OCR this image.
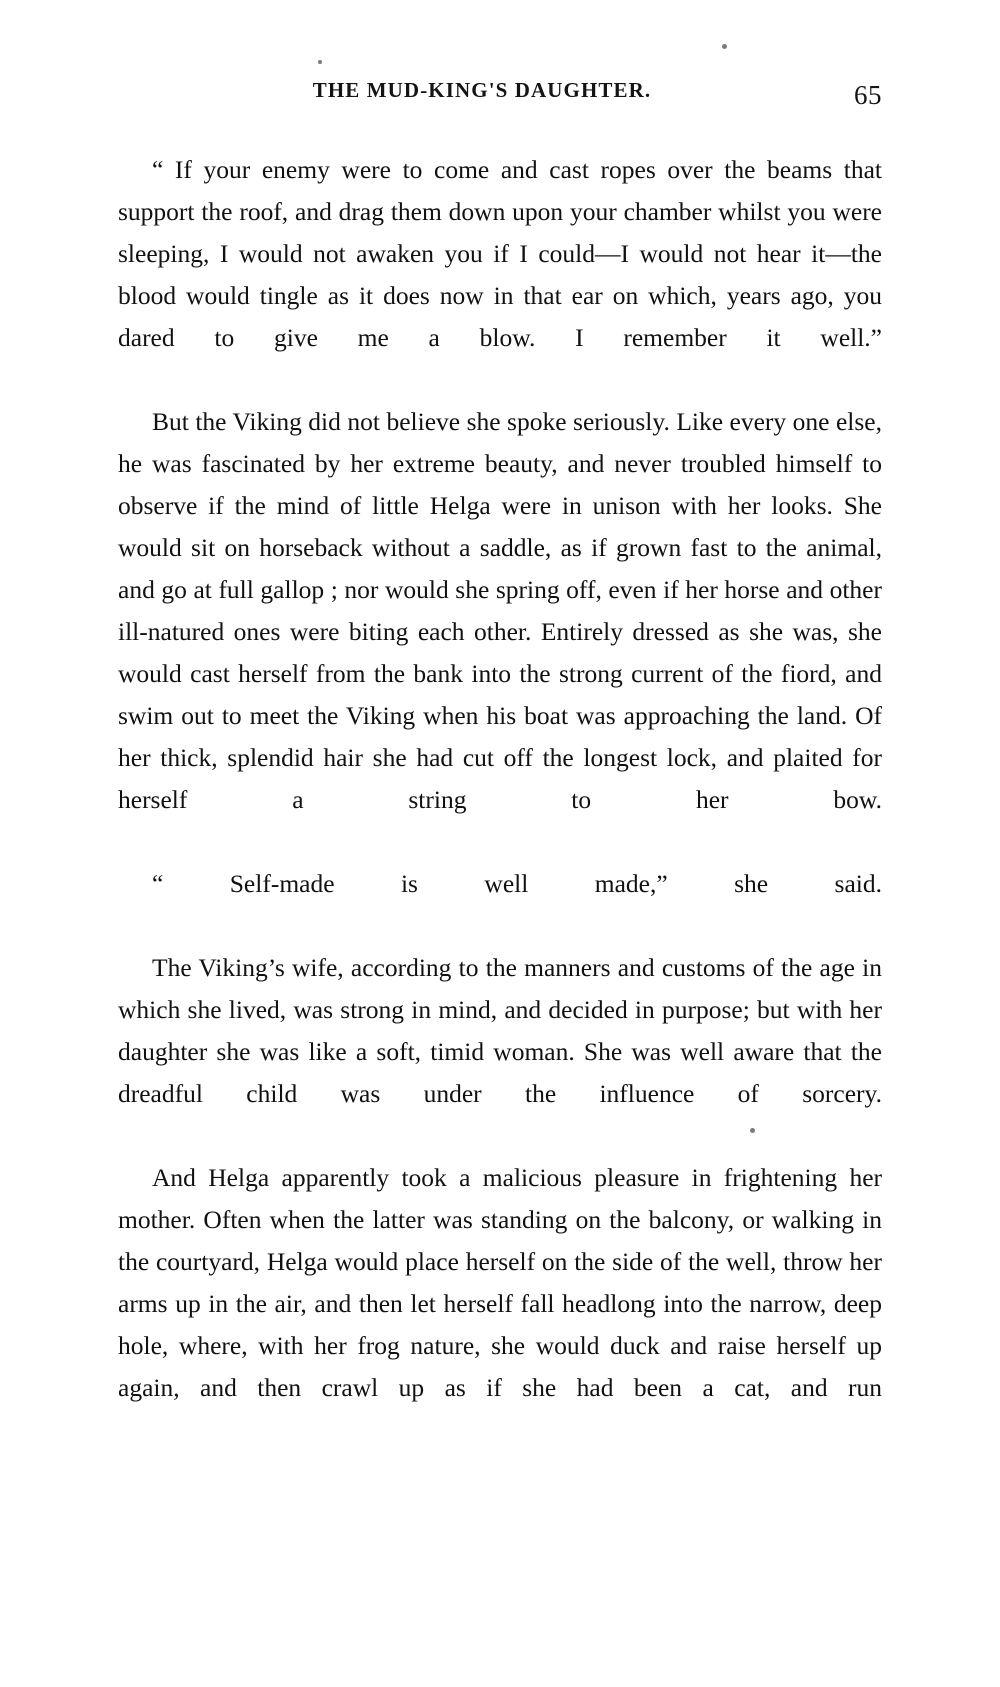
THE MUD-KING'S DAUGHTER.	65

“ If your enemy were to come and cast ropes over the beams that support the roof, and drag them down upon your chamber whilst you were sleeping, I would not awaken you if I could—I would not hear it—the blood would tingle as it does now in that ear on which, years ago, you dared to give me a blow. I remember it well.”

But the Viking did not believe she spoke seriously. Like every one else, he was fascinated by her extreme beauty, and never troubled himself to observe if the mind of little Helga were in unison with her looks. She would sit on horseback without a saddle, as if grown fast to the animal, and go at full gallop ; nor would she spring off, even if her horse and other ill-natured ones were biting each other. Entirely dressed as she was, she would cast herself from the bank into the strong current of the fiord, and swim out to meet the Viking when his boat was approaching the land. Of her thick, splendid hair she had cut off the longest lock, and plaited for herself a string to her bow.

“ Self-made is well made,” she said.

The Viking’s wife, according to the manners and customs of the age in which she lived, was strong in mind, and decided in purpose; but with her daughter she was like a soft, timid woman. She was well aware that the dreadful child was under the influence of sorcery.

And Helga apparently took a malicious pleasure in frightening her mother. Often when the latter was standing on the balcony, or walking in the courtyard, Helga would place herself on the side of the well, throw her arms up in the air, and then let herself fall headlong into the narrow, deep hole, where, with her frog nature, she would duck and raise herself up again, and then crawl up as if she had been a cat, and run
